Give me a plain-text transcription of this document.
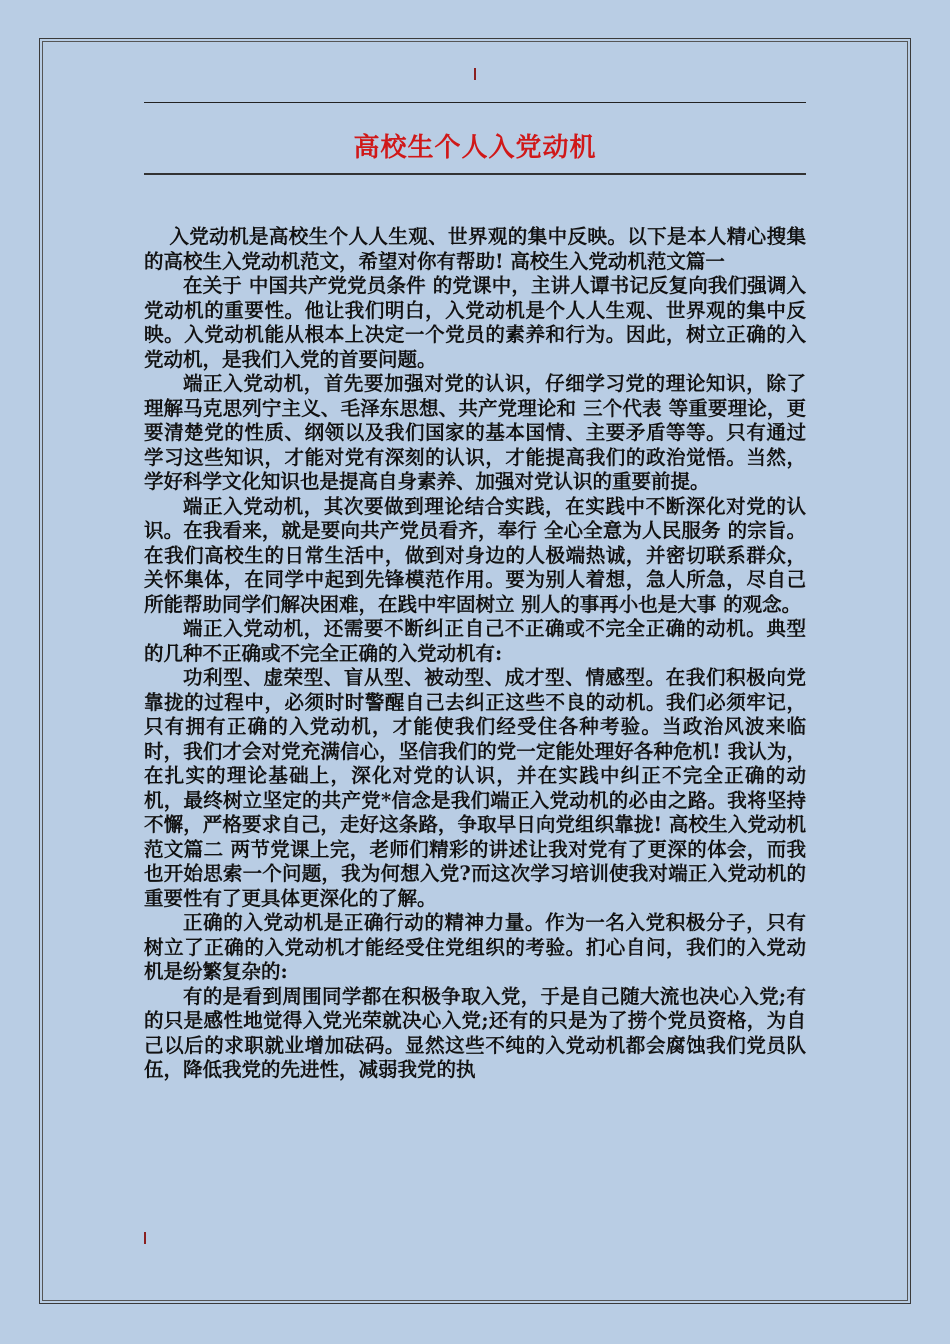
高校生个人入党动机

入党动机是高校生个人人生观、世界观的集中反映。以下是本人精心搜集的高校生入党动机范文，希望对你有帮助! 高校生入党动机范文篇一

在关于 中国共产党党员条件 的党课中，主讲人谭书记反复向我们强调入党动机的重要性。他让我们明白，入党动机是个人人生观、世界观的集中反映。入党动机能从根本上决定一个党员的素养和行为。因此，树立正确的入党动机，是我们入党的首要问题。

端正入党动机，首先要加强对党的认识，仔细学习党的理论知识，除了理解马克思列宁主义、毛泽东思想、共产党理论和 三个代表 等重要理论，更要清楚党的性质、纲领以及我们国家的基本国情、主要矛盾等等。只有通过学习这些知识，才能对党有深刻的认识，才能提高我们的政治觉悟。当然，学好科学文化知识也是提高自身素养、加强对党认识的重要前提。

端正入党动机，其次要做到理论结合实践，在实践中不断深化对党的认识。在我看来，就是要向共产党员看齐，奉行 全心全意为人民服务 的宗旨。在我们高校生的日常生活中，做到对身边的人极端热诚，并密切联系群众，关怀集体，在同学中起到先锋模范作用。要为别人着想，急人所急，尽自己所能帮助同学们解决困难，在践中牢固树立 别人的事再小也是大事 的观念。

端正入党动机，还需要不断纠正自己不正确或不完全正确的动机。典型的几种不正确或不完全正确的入党动机有:

功利型、虚荣型、盲从型、被动型、成才型、情感型。在我们积极向党靠拢的过程中，必须时时警醒自己去纠正这些不良的动机。我们必须牢记，只有拥有正确的入党动机，才能使我们经受住各种考验。当政治风波来临时，我们才会对党充满信心，坚信我们的党一定能处理好各种危机! 我认为，在扎实的理论基础上，深化对党的认识，并在实践中纠正不完全正确的动机，最终树立坚定的共产党*信念是我们端正入党动机的必由之路。我将坚持不懈，严格要求自己，走好这条路，争取早日向党组织靠拢! 高校生入党动机范文篇二 两节党课上完，老师们精彩的讲述让我对党有了更深的体会，而我也开始思索一个问题，我为何想入党?而这次学习培训使我对端正入党动机的重要性有了更具体更深化的了解。

正确的入党动机是正确行动的精神力量。作为一名入党积极分子，只有树立了正确的入党动机才能经受住党组织的考验。扪心自问，我们的入党动机是纷繁复杂的:

有的是看到周围同学都在积极争取入党，于是自己随大流也决心入党;有的只是感性地觉得入党光荣就决心入党;还有的只是为了捞个党员资格，为自己以后的求职就业增加砝码。显然这些不纯的入党动机都会腐蚀我们党员队伍，降低我党的先进性，减弱我党的执
